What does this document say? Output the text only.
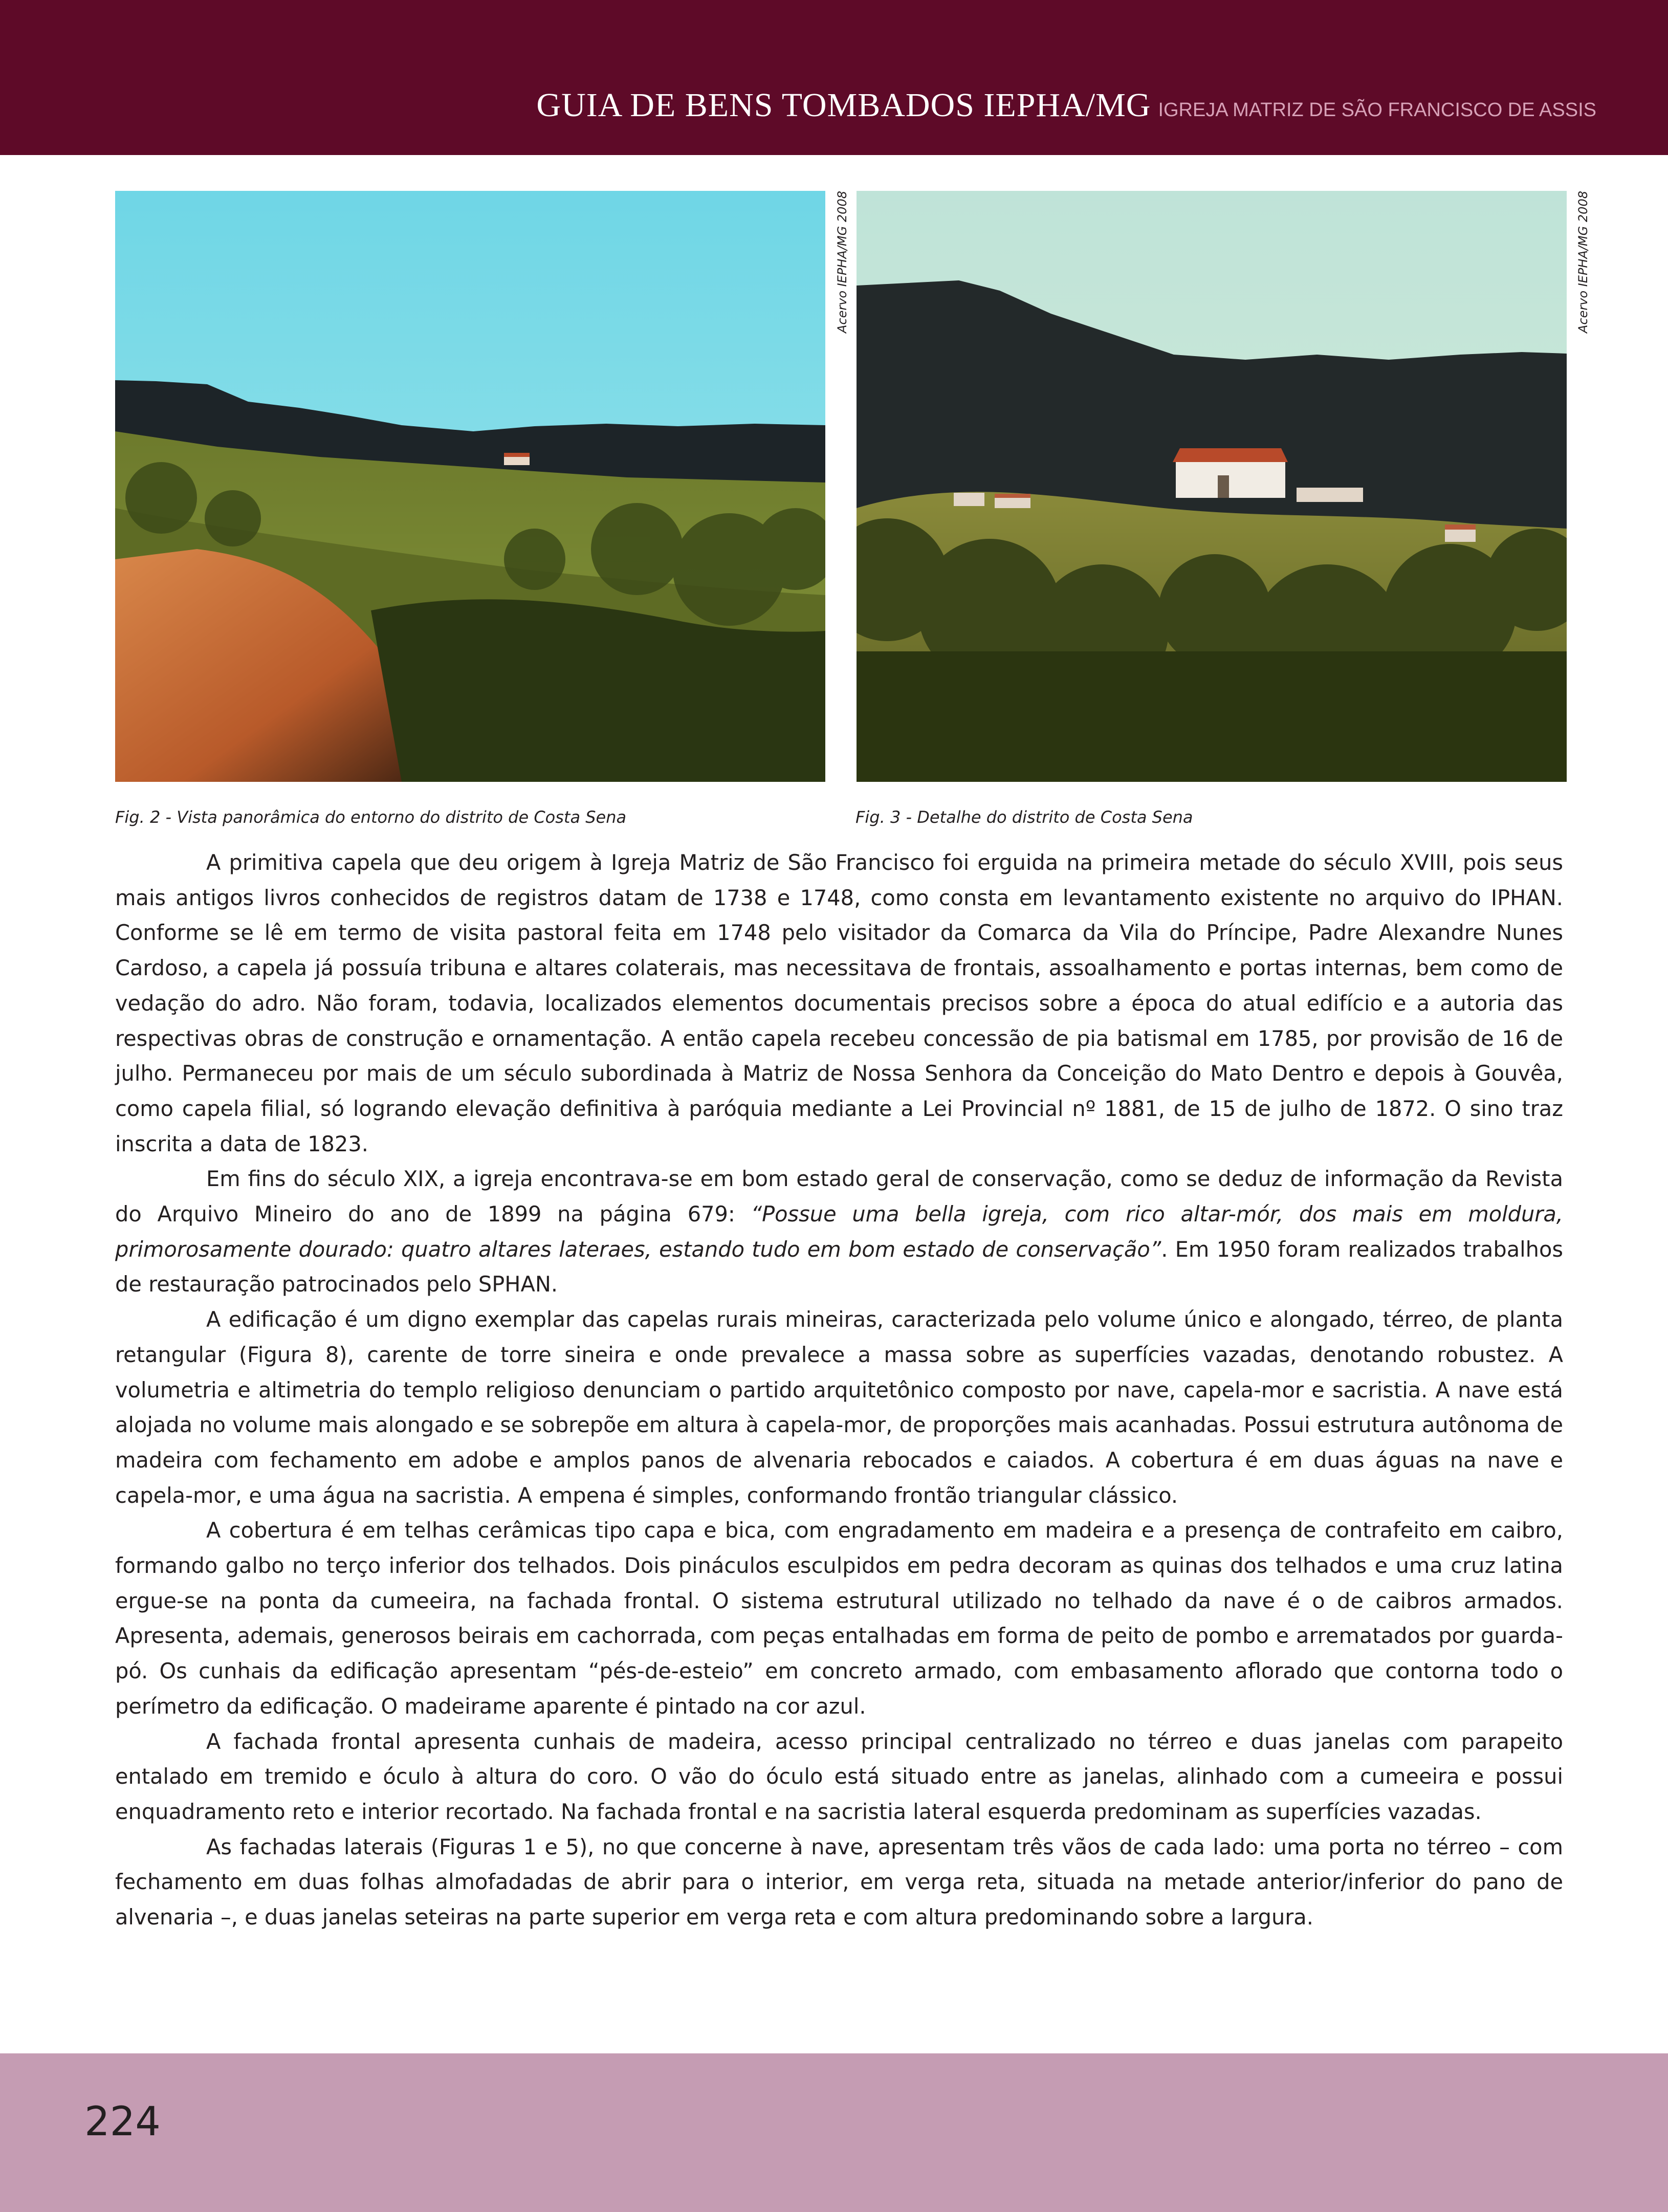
GUIA DE BENS TOMBADOS IEPHA/MG IGREJA MATRIZ DE SÃO FRANCISCO DE ASSIS
Acervo IEPHA/MG 2008	Acervo IEPHA/MG 2008
Fig. 2 - Vista panorâmica do entorno do distrito de Costa Sena	Fig. 3 - Detalhe do distrito de Costa Sena

A primitiva capela que deu origem à Igreja Matriz de São Francisco foi erguida na primeira metade do século XVIII, pois seus mais antigos livros conhecidos de registros datam de 1738 e 1748, como consta em levantamento existente no arquivo do IPHAN. Conforme se lê em termo de visita pastoral feita em 1748 pelo visitador da Comarca da Vila do Príncipe, Padre Alexandre Nunes Cardoso, a capela já possuía tribuna e altares colaterais, mas necessitava de frontais, assoalhamento e portas internas, bem como de vedação do adro. Não foram, todavia, localizados elementos documentais precisos sobre a época do atual edifício e a autoria das respectivas obras de construção e ornamentação. A então capela recebeu concessão de pia batismal em 1785, por provisão de 16 de julho. Permaneceu por mais de um século subordinada à Matriz de Nossa Senhora da Conceição do Mato Dentro e depois à Gouvêa, como capela filial, só logrando elevação definitiva à paróquia mediante a Lei Provincial nº 1881, de 15 de julho de 1872. O sino traz inscrita a data de 1823.

Em fins do século XIX, a igreja encontrava-se em bom estado geral de conservação, como se deduz de informação da Revista do Arquivo Mineiro do ano de 1899 na página 679: “Possue uma bella igreja, com rico altar-mór, dos mais em moldura, primorosamente dourado: quatro altares lateraes, estando tudo em bom estado de conservação”. Em 1950 foram realizados trabalhos de restauração patrocinados pelo SPHAN.

A edificação é um digno exemplar das capelas rurais mineiras, caracterizada pelo volume único e alongado, térreo, de planta retangular (Figura 8), carente de torre sineira e onde prevalece a massa sobre as superfícies vazadas, denotando robustez. A volumetria e altimetria do templo religioso denunciam o partido arquitetônico composto por nave, capela-mor e sacristia. A nave está alojada no volume mais alongado e se sobrepõe em altura à capela-mor, de proporções mais acanhadas. Possui estrutura autônoma de madeira com fechamento em adobe e amplos panos de alvenaria rebocados e caiados. A cobertura é em duas águas na nave e capela-mor, e uma água na sacristia. A empena é simples, conformando frontão triangular clássico.

A cobertura é em telhas cerâmicas tipo capa e bica, com engradamento em madeira e a presença de contrafeito em caibro, formando galbo no terço inferior dos telhados. Dois pináculos esculpidos em pedra decoram as quinas dos telhados e uma cruz latina ergue-se na ponta da cumeeira, na fachada frontal. O sistema estrutural utilizado no telhado da nave é o de caibros armados. Apresenta, ademais, generosos beirais em cachorrada, com peças entalhadas em forma de peito de pombo e arrematados por guarda-pó. Os cunhais da edificação apresentam “pés-de-esteio” em concreto armado, com embasamento aflorado que contorna todo o perímetro da edificação. O madeirame aparente é pintado na cor azul.

A fachada frontal apresenta cunhais de madeira, acesso principal centralizado no térreo e duas janelas com parapeito entalado em tremido e óculo à altura do coro. O vão do óculo está situado entre as janelas, alinhado com a cumeeira e possui enquadramento reto e interior recortado. Na fachada frontal e na sacristia lateral esquerda predominam as superfícies vazadas.

As fachadas laterais (Figuras 1 e 5), no que concerne à nave, apresentam três vãos de cada lado: uma porta no térreo – com fechamento em duas folhas almofadadas de abrir para o interior, em verga reta, situada na metade anterior/inferior do pano de alvenaria –, e duas janelas seteiras na parte superior em verga reta e com altura predominando sobre a largura.

224
